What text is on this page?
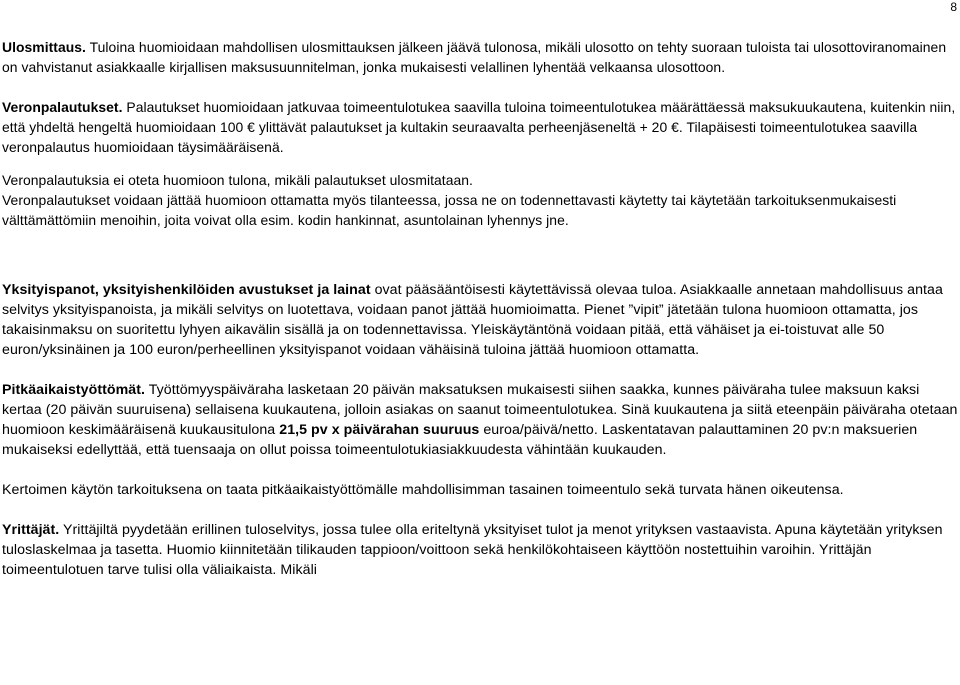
8

Ulosmittaus. Tuloina huomioidaan mahdollisen ulosmittauksen jälkeen jäävä tulonosa, mikäli ulosotto on tehty suoraan tuloista tai ulosottoviranomainen on vahvistanut asiakkaalle kirjallisen maksusuunnitelman, jonka mukaisesti velallinen lyhentää velkaansa ulosottoon.

Veronpalautukset. Palautukset huomioidaan jatkuvaa toimeentulotukea saavilla tuloina toimeentulotukea määrättäessä maksukuukautena, kuitenkin niin, että yhdeltä hengeltä huomioidaan 100 € ylittävät palautukset ja kultakin seuraavalta perheenjäseneltä + 20 €. Tilapäisesti toimeentulotukea saavilla veronpalautus huomioidaan täysimääräisenä.

Veronpalautuksia ei oteta huomioon tulona, mikäli palautukset ulosmitataan.

Veronpalautukset voidaan jättää huomioon ottamatta myös tilanteessa, jossa ne on todennettavasti käytetty tai käytetään tarkoituksenmukaisesti välttämättömiin menoihin, joita voivat olla esim. kodin hankinnat, asuntolainan lyhennys jne.

Yksityispanot, yksityishenkilöiden avustukset ja lainat ovat pääsääntöisesti käytettävissä olevaa tuloa. Asiakkaalle annetaan mahdollisuus antaa selvitys yksityispanoista, ja mikäli selvitys on luotettava, voidaan panot jättää huomioimatta. Pienet ”vipit” jätetään tulona huomioon ottamatta, jos takaisinmaksu on suoritettu lyhyen aikavälin sisällä ja on todennettavissa. Yleiskäytäntönä voidaan pitää, että vähäiset ja ei-toistuvat alle 50 euron/yksinäinen ja 100 euron/perheellinen yksityispanot voidaan vähäisinä tuloina jättää huomioon ottamatta.

Pitkäaikaistyöttömät. Työttömyyspäiväraha lasketaan 20 päivän maksatuksen mukaisesti siihen saakka, kunnes päiväraha tulee maksuun kaksi kertaa (20 päivän suuruisena) sellaisena kuukautena, jolloin asiakas on saanut toimeentulotukea. Sinä kuukautena ja siitä eteenpäin päiväraha otetaan huomioon keskimääräisenä kuukausitulona 21,5 pv x päivärahan suuruus euroa/päivä/netto. Laskentatavan palauttaminen 20 pv:n maksuerien mukaiseksi edellyttää, että tuensaaja on ollut poissa toimeentulotukiasiakkuudesta vähintään kuukauden.

Kertoimen käytön tarkoituksena on taata pitkäaikaistyöttömälle mahdollisimman tasainen toimeentulo sekä turvata hänen oikeutensa.

Yrittäjät. Yrittäjiltä pyydetään erillinen tuloselvitys, jossa tulee olla eriteltynä yksityiset tulot ja menot yrityksen vastaavista. Apuna käytetään yrityksen tuloslaskelmaa ja tasetta. Huomio kiinnitetään tilikauden tappioon/voittoon sekä henkilökohtaiseen käyttöön nostettuihin varoihin. Yrittäjän toimeentulotuen tarve tulisi olla väliaikaista. Mikäli
